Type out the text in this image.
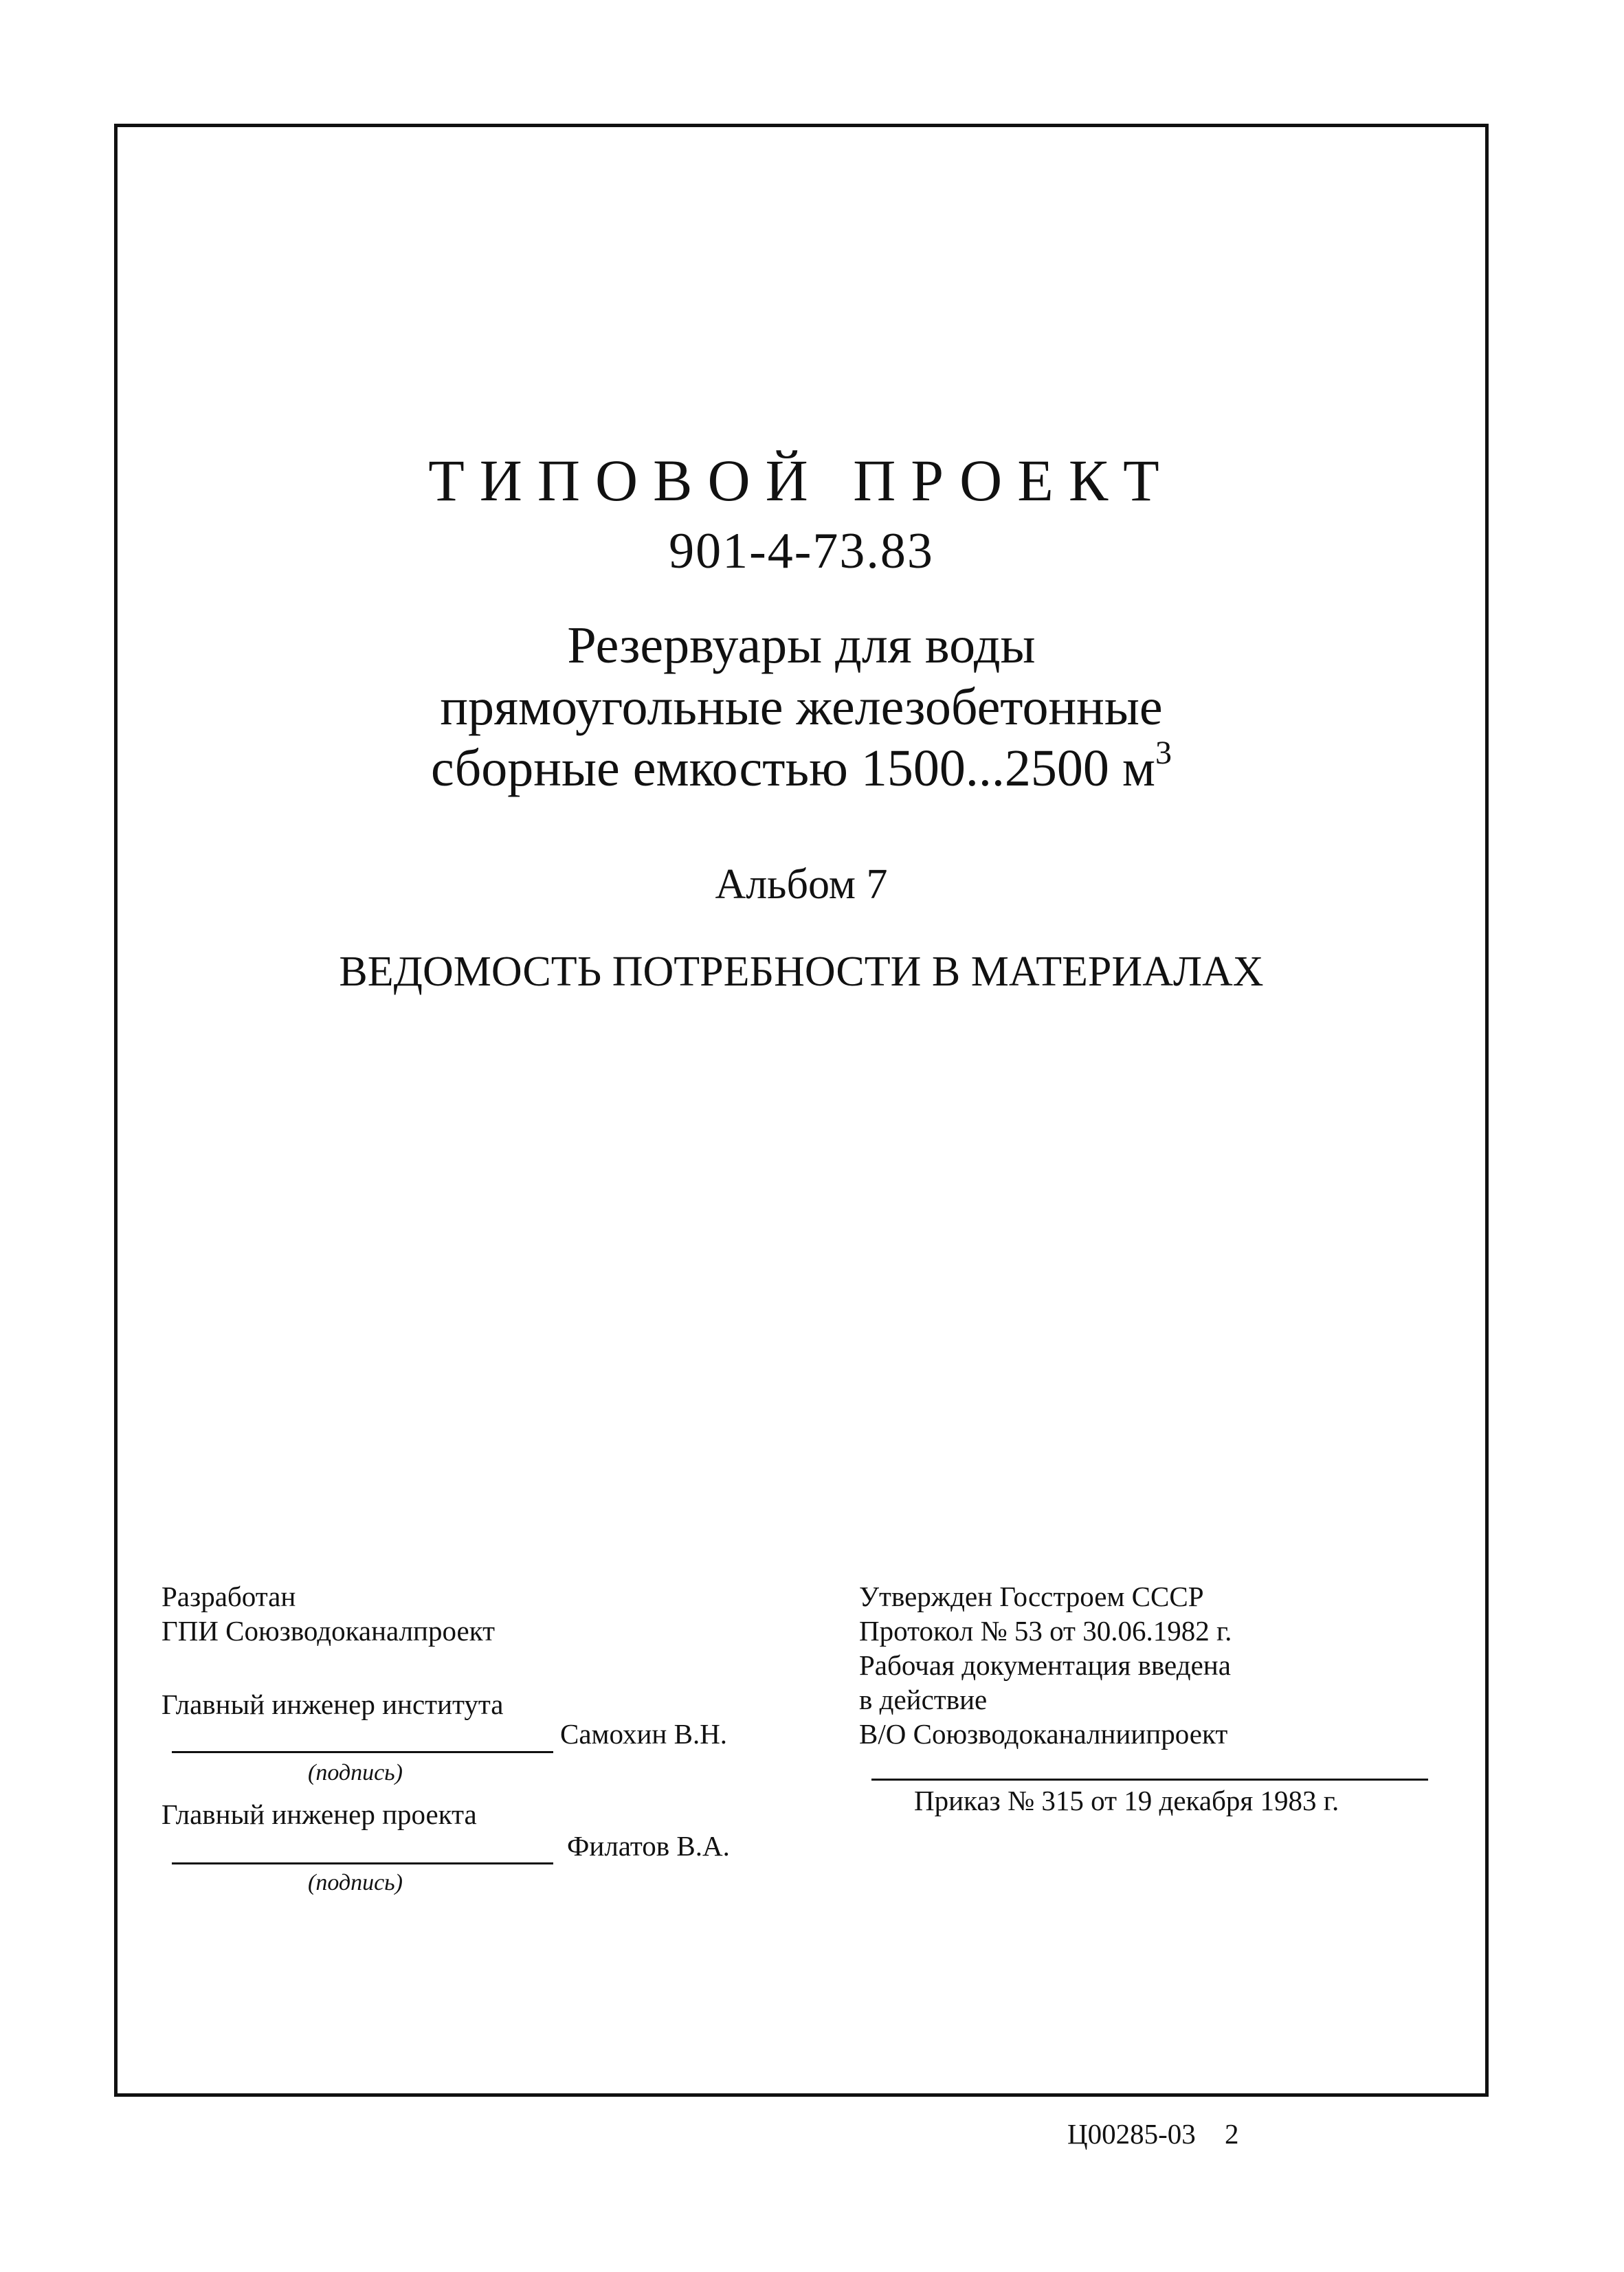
ТИПОВОЙ ПРОЕКТ
901-4-73.83
Резервуары для воды
прямоугольные железобетонные
сборные емкостью 1500...2500 $м^3$
Альбом 7
ВЕДОМОСТЬ ПОТРЕБНОСТИ В МАТЕРИАЛАХ
Разработан
ГПИ Союзводоканалпроект
Главный инженер института
Самохин В.Н.
(подпись)
Главный инженер проекта
Филатов В.А.
(подпись)
Утвержден Госстроем СССР
Протокол № 53 от 30.06.1982 г.
Рабочая документация введена
в действие
В/О Союзводоканалниипроект
Приказ № 315 от 19 декабря 1983 г.
Ц00285-03 2
